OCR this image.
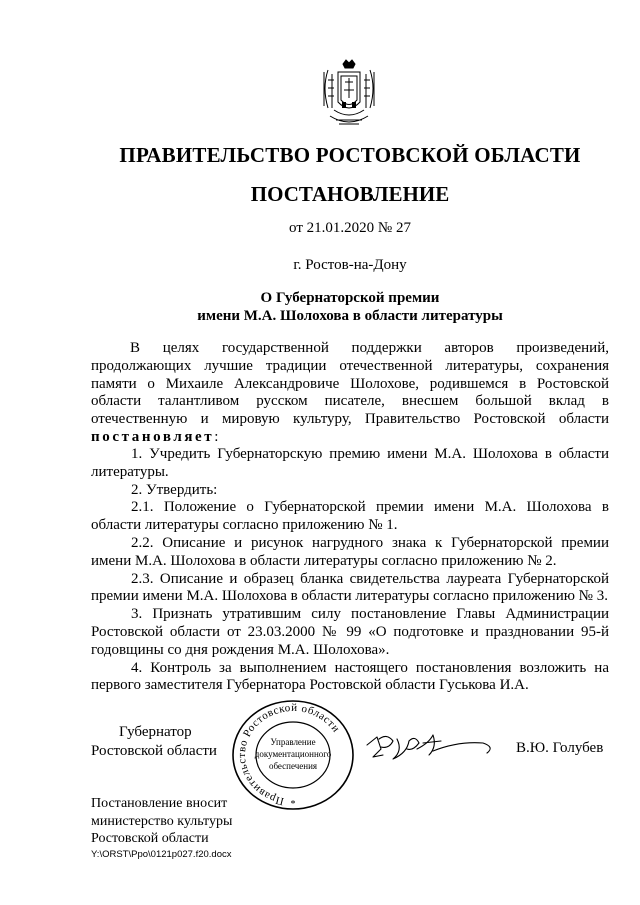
ПРАВИТЕЛЬСТВО РОСТОВСКОЙ ОБЛАСТИ
ПОСТАНОВЛЕНИЕ
от 21.01.2020 № 27
г. Ростов-на-Дону
О Губернаторской премии
имени М.А. Шолохова в области литературы
В целях государственной поддержки авторов произведений, продолжающих лучшие традиции отечественной литературы, сохранения памяти о Михаиле Александровиче Шолохове, родившемся в Ростовской области талантливом русском писателе, внесшем большой вклад в отечественную и мировую культуру, Правительство Ростовской области постановляет:
1. Учредить Губернаторскую премию имени М.А. Шолохова в области литературы.
2. Утвердить:
2.1. Положение о Губернаторской премии имени М.А. Шолохова в области литературы согласно приложению № 1.
2.2. Описание и рисунок нагрудного знака к Губернаторской премии имени М.А. Шолохова в области литературы согласно приложению № 2.
2.3. Описание и образец бланка свидетельства лауреата Губернаторской премии имени М.А. Шолохова в области литературы согласно приложению № 3.
3. Признать утратившим силу постановление Главы Администрации Ростовской области от 23.03.2000 № 99 «О подготовке и праздновании 95-й годовщины со дня рождения М.А. Шолохова».
4. Контроль за выполнением настоящего постановления возложить на первого заместителя Губернатора Ростовской области Гуськова И.А.
Губернатор
Ростовской области
Правительство Ростовской области
Управление
документационного
обеспечения
*
В.Ю. Голубев
Постановление вносит
министерство культуры
Ростовской области
Y:\ORST\Ppo\0121p027.f20.docx
